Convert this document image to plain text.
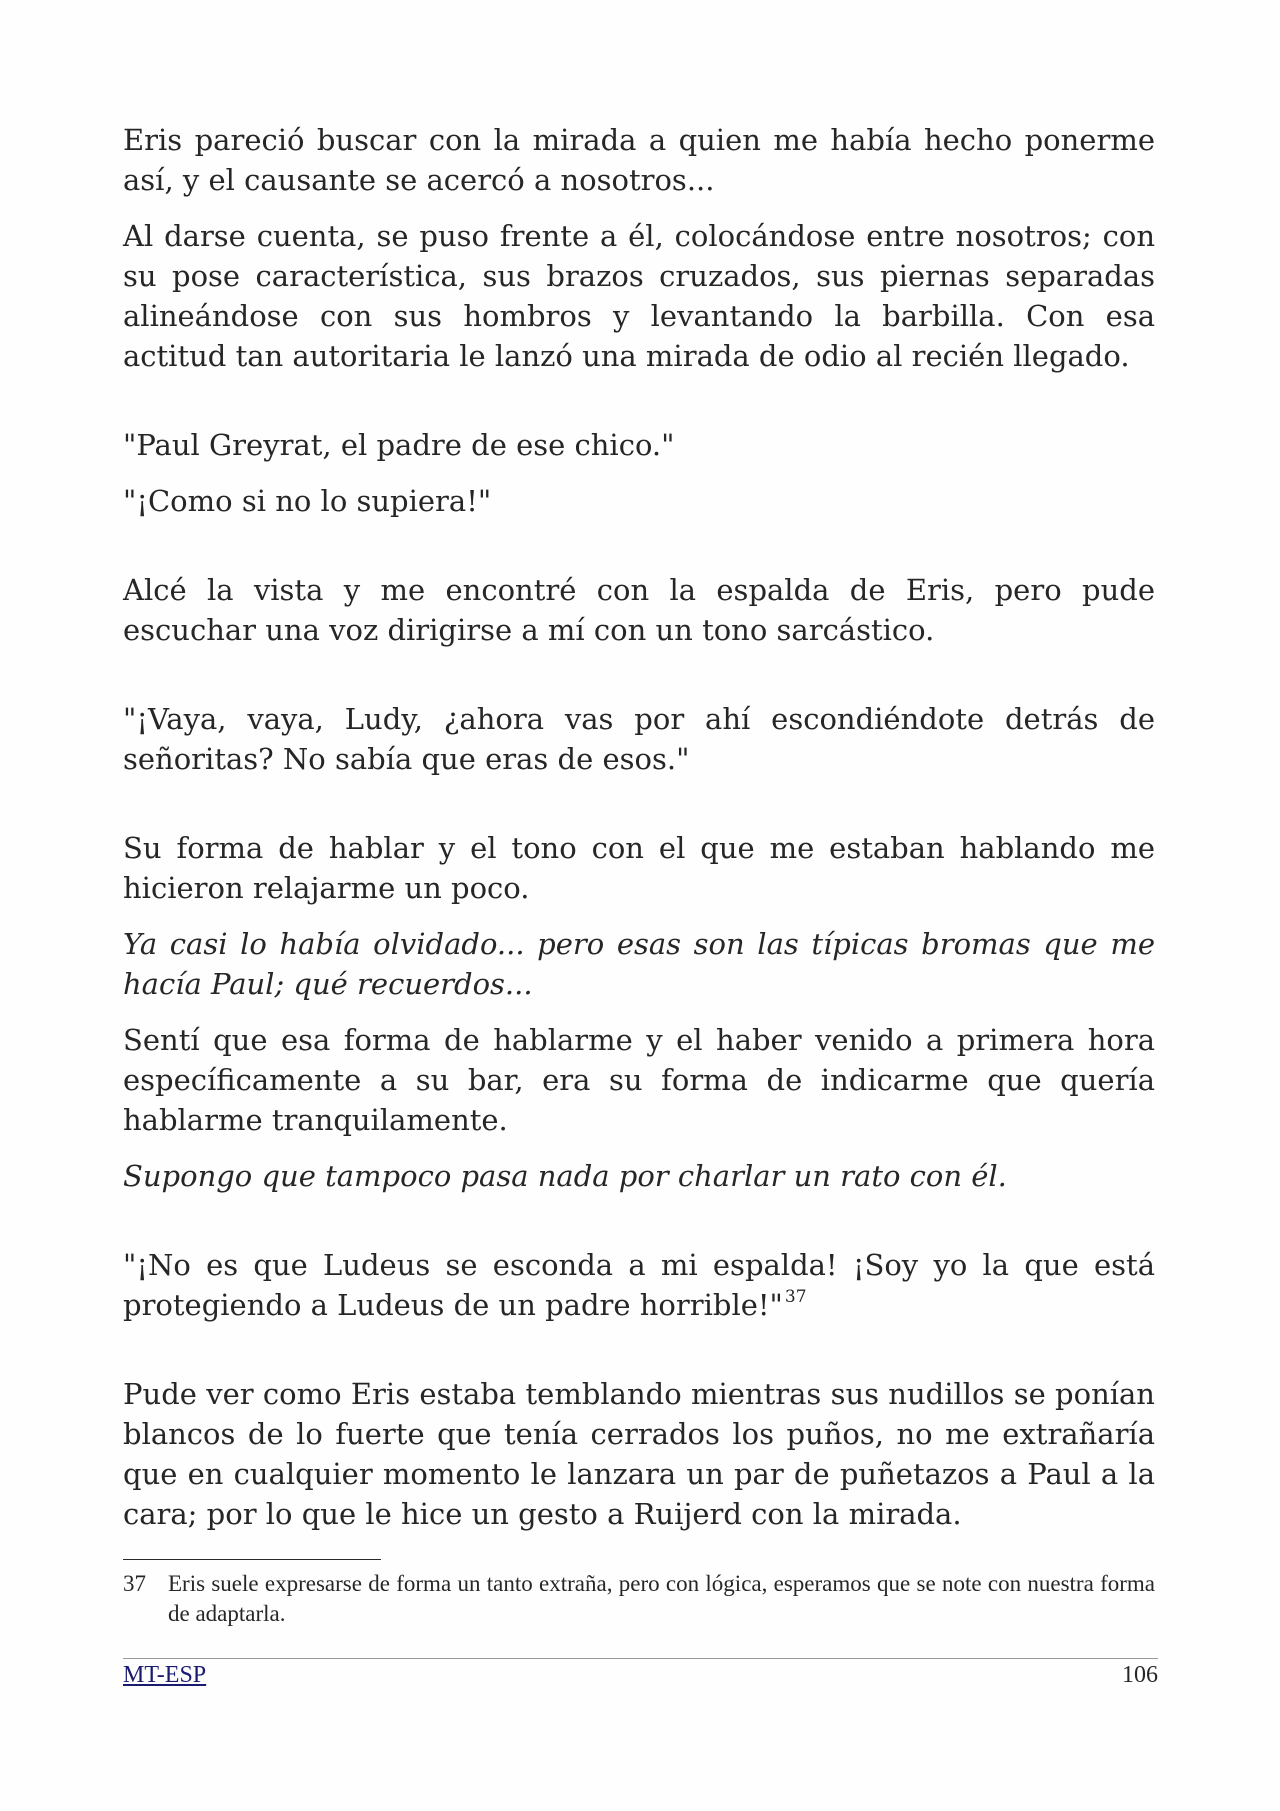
Eris pareció buscar con la mirada a quien me había hecho ponerme así, y el causante se acercó a nosotros...

Al darse cuenta, se puso frente a él, colocándose entre nosotros; con su pose característica, sus brazos cruzados, sus piernas separadas alineándose con sus hombros y levantando la barbilla. Con esa actitud tan autoritaria le lanzó una mirada de odio al recién llegado.

"Paul Greyrat, el padre de ese chico."

"¡Como si no lo supiera!"

Alcé la vista y me encontré con la espalda de Eris, pero pude escuchar una voz dirigirse a mí con un tono sarcástico.

"¡Vaya, vaya, Ludy, ¿ahora vas por ahí escondiéndote detrás de señoritas? No sabía que eras de esos."

Su forma de hablar y el tono con el que me estaban hablando me hicieron relajarme un poco.

Ya casi lo había olvidado... pero esas son las típicas bromas que me hacía Paul; qué recuerdos...

Sentí que esa forma de hablarme y el haber venido a primera hora específicamente a su bar, era su forma de indicarme que quería hablarme tranquilamente.

Supongo que tampoco pasa nada por charlar un rato con él.

"¡No es que Ludeus se esconda a mi espalda! ¡Soy yo la que está protegiendo a Ludeus de un padre horrible!" $^{37}$

Pude ver como Eris estaba temblando mientras sus nudillos se ponían blancos de lo fuerte que tenía cerrados los puños, no me extrañaría que en cualquier momento le lanzara un par de puñetazos a Paul a la cara; por lo que le hice un gesto a Ruijerd con la mirada.

37 Eris suele expresarse de forma un tanto extraña, pero con lógica, esperamos que se note con nuestra forma de adaptarla.
MT-ESP	106
